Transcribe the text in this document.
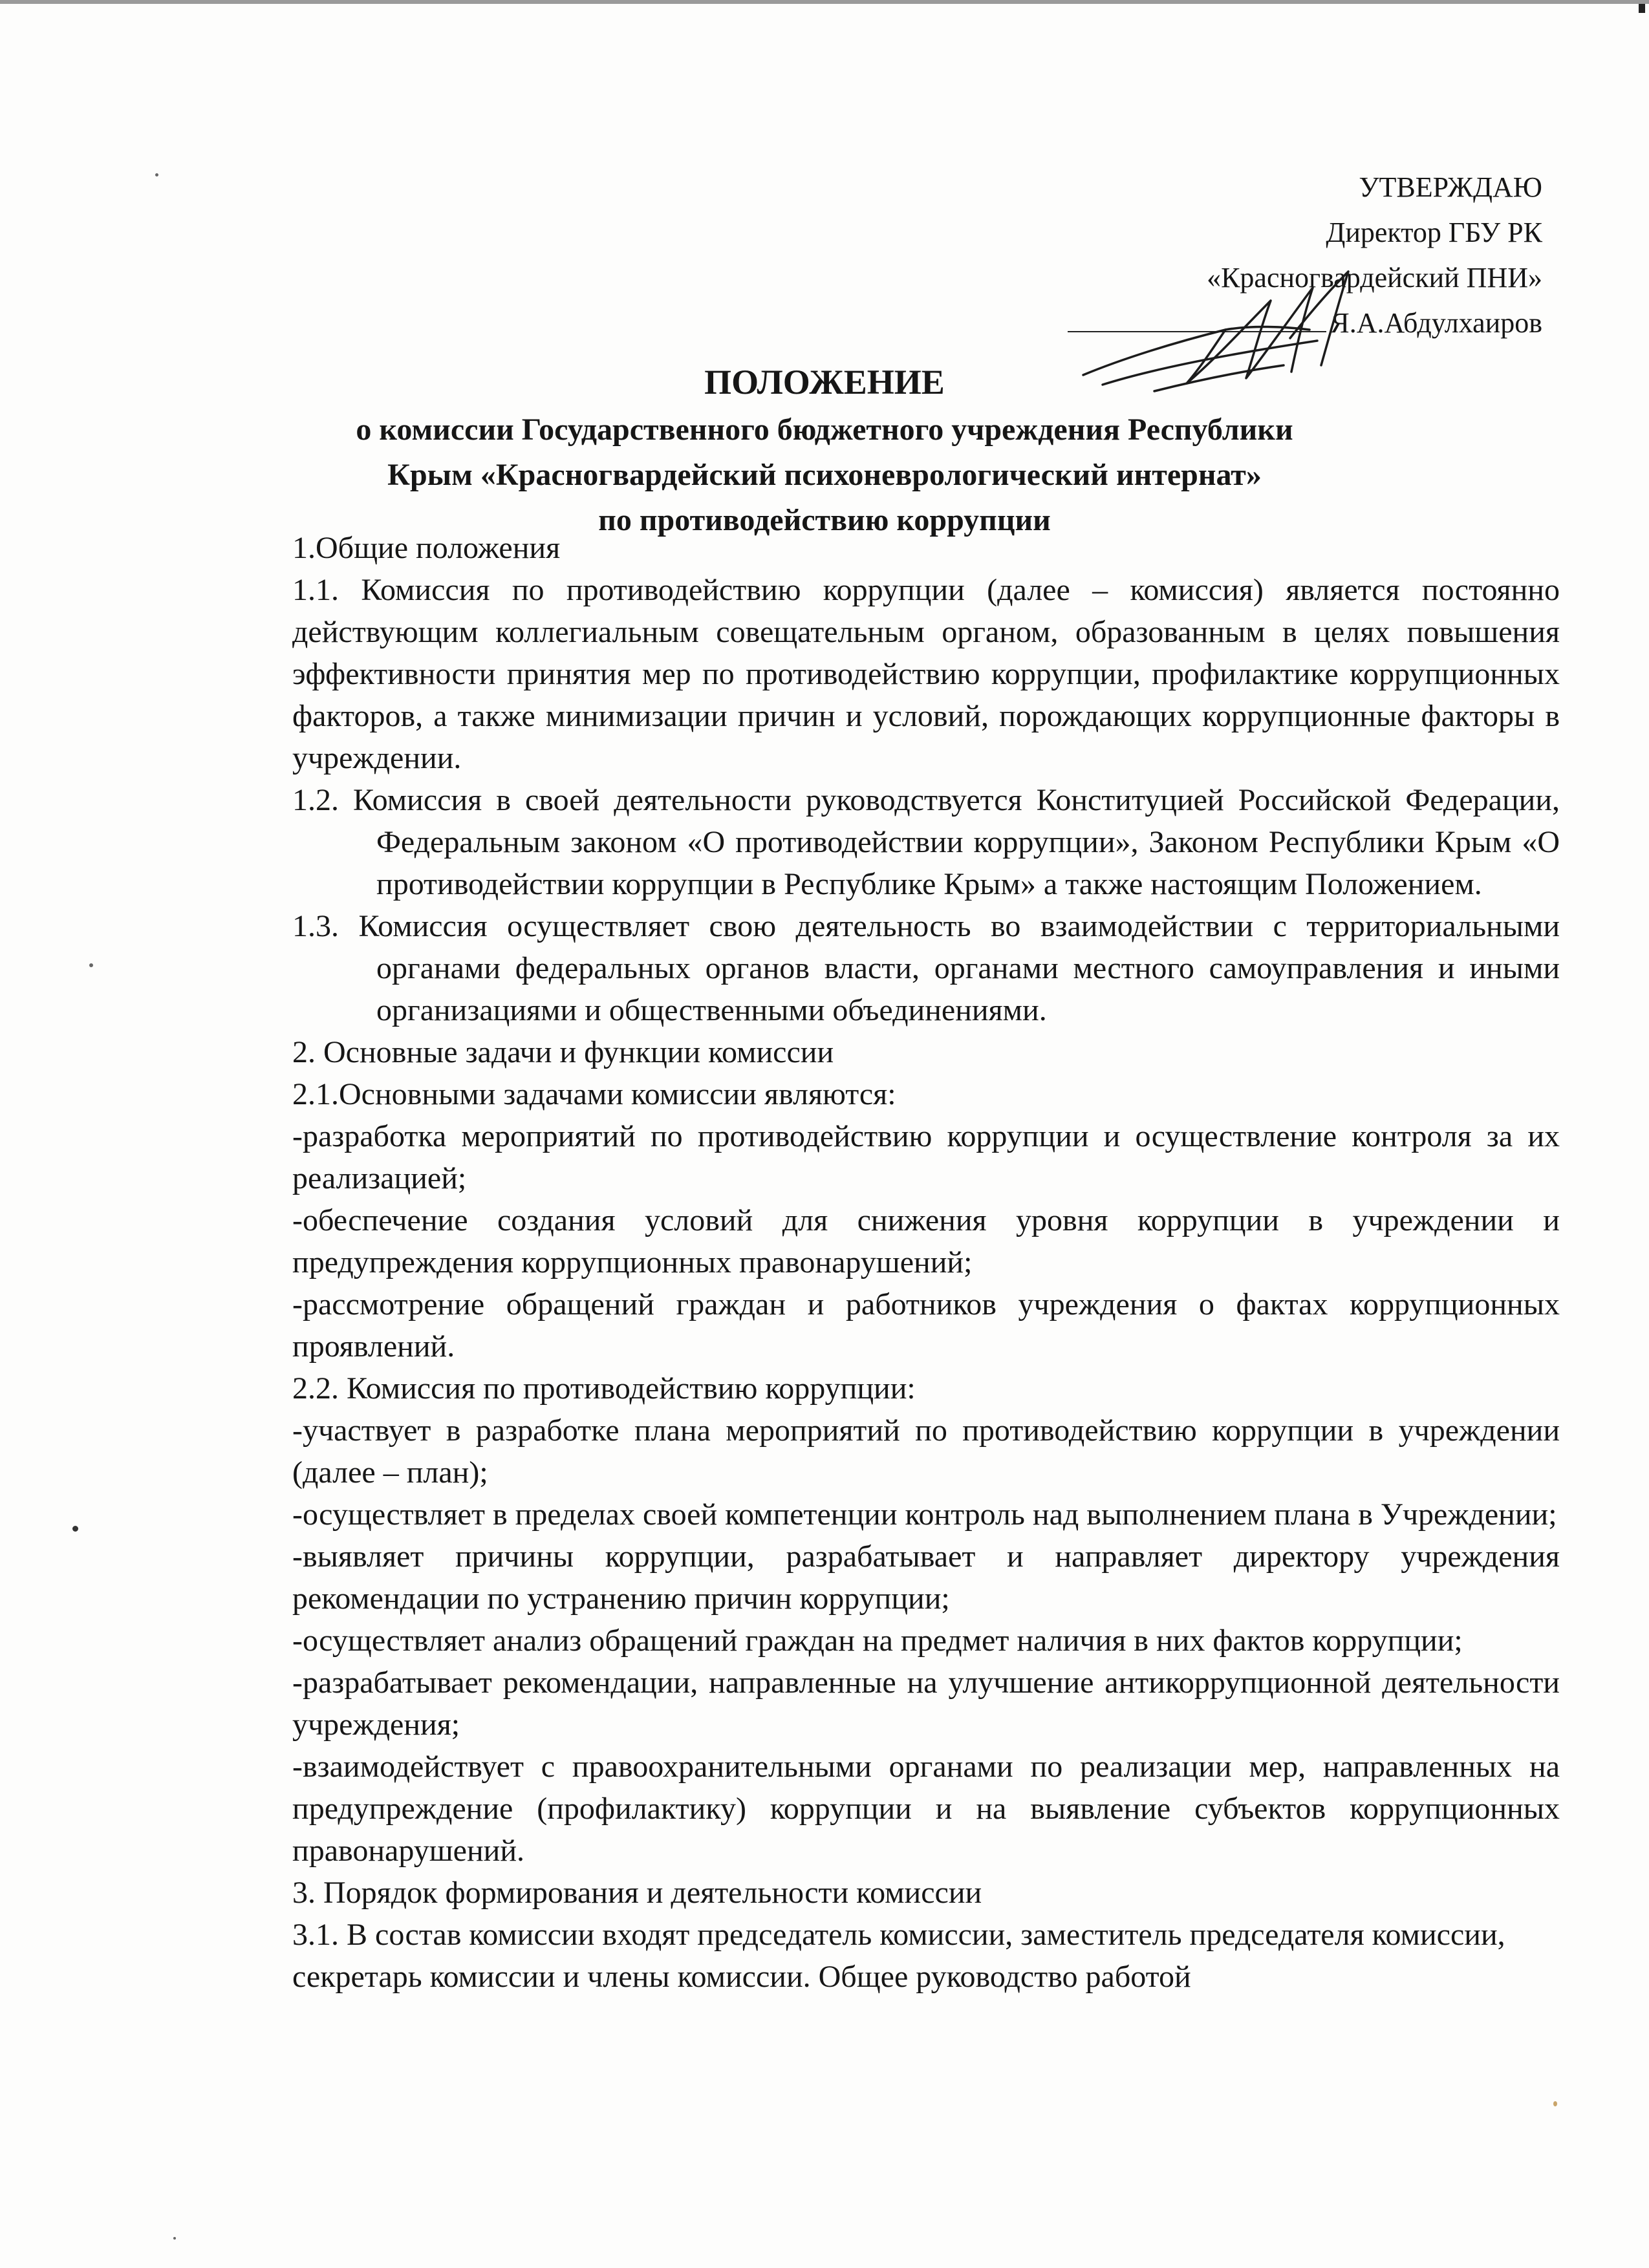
УТВЕРЖДАЮ
Директор ГБУ РК
«Красногвардейский ПНИ»
Я.А.Абдулхаиров
ПОЛОЖЕНИЕ
о комиссии Государственного бюджетного учреждения Республики
Крым «Красногвардейский психоневрологический интернат»
по противодействию коррупции

1.Общие положения

1.1. Комиссия по противодействию коррупции (далее – комиссия) является постоянно действующим коллегиальным совещательным органом, образованным в целях повышения эффективности принятия мер по противодействию коррупции, профилактике коррупционных факторов, а также минимизации причин и условий, порождающих коррупционные факторы в учреждении.

1.2. Комиссия в своей деятельности руководствуется Конституцией Российской Федерации, Федеральным законом «О противодействии коррупции», Законом Республики Крым «О противодействии коррупции в Республике Крым» а также настоящим Положением.

1.3. Комиссия осуществляет свою деятельность во взаимодействии с территориальными органами федеральных органов власти, органами местного самоуправления и иными организациями и общественными объединениями.

2. Основные задачи и функции комиссии

2.1.Основными задачами комиссии являются:

-разработка мероприятий по противодействию коррупции и осуществление контроля за их реализацией;

-обеспечение создания условий для снижения уровня коррупции в учреждении и предупреждения коррупционных правонарушений;

-рассмотрение обращений граждан и работников учреждения о фактах коррупционных проявлений.

2.2. Комиссия по противодействию коррупции:

-участвует в разработке плана мероприятий по противодействию коррупции в учреждении (далее – план);

-осуществляет в пределах своей компетенции контроль над выполнением плана в Учреждении;

-выявляет причины коррупции, разрабатывает и направляет директору учреждения рекомендации по устранению причин коррупции;

-осуществляет анализ обращений граждан на предмет наличия в них фактов коррупции;

-разрабатывает рекомендации, направленные на улучшение антикоррупционной деятельности учреждения;

-взаимодействует с правоохранительными органами по реализации мер, направленных на предупреждение (профилактику) коррупции и на выявление субъектов коррупционных правонарушений.

3. Порядок формирования и деятельности комиссии

3.1. В состав комиссии входят председатель комиссии, заместитель председателя комиссии, секретарь комиссии и члены комиссии. Общее руководство работой
